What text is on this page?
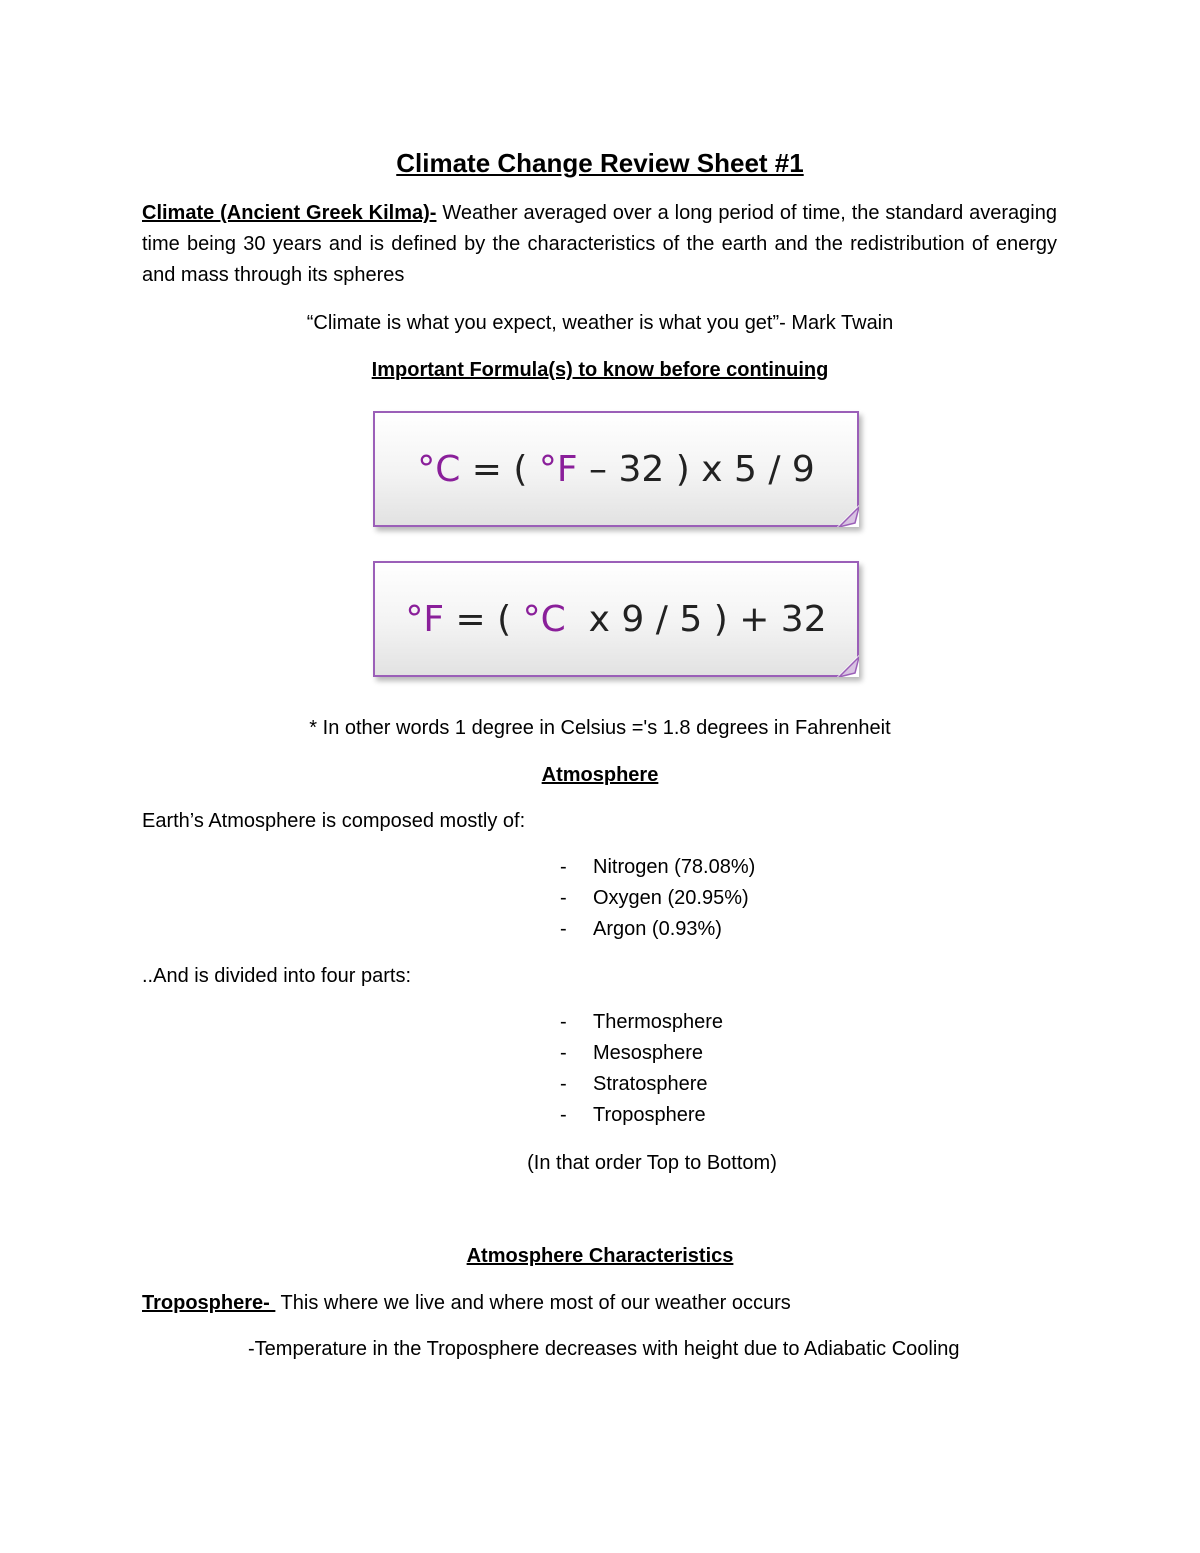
Climate Change Review Sheet #1
Climate (Ancient Greek Kilma)- Weather averaged over a long period of time, the standard averaging time being 30 years and is defined by the characteristics of the earth and the redistribution of energy and mass through its spheres
“Climate is what you expect, weather is what you get”- Mark Twain
Important Formula(s) to know before continuing
°C = ( °F – 32 ) x 5 / 9
°F = ( °C  x 9 / 5 ) + 32
* In other words 1 degree in Celsius ='s 1.8 degrees in Fahrenheit
Atmosphere
Earth’s Atmosphere is composed mostly of:
- Nitrogen (78.08%)
- Oxygen (20.95%)
- Argon (0.93%)
..And is divided into four parts:
- Thermosphere
- Mesosphere
- Stratosphere
- Troposphere
(In that order Top to Bottom)
Atmosphere Characteristics
Troposphere-  This where we live and where most of our weather occurs
-Temperature in the Troposphere decreases with height due to Adiabatic Cooling
